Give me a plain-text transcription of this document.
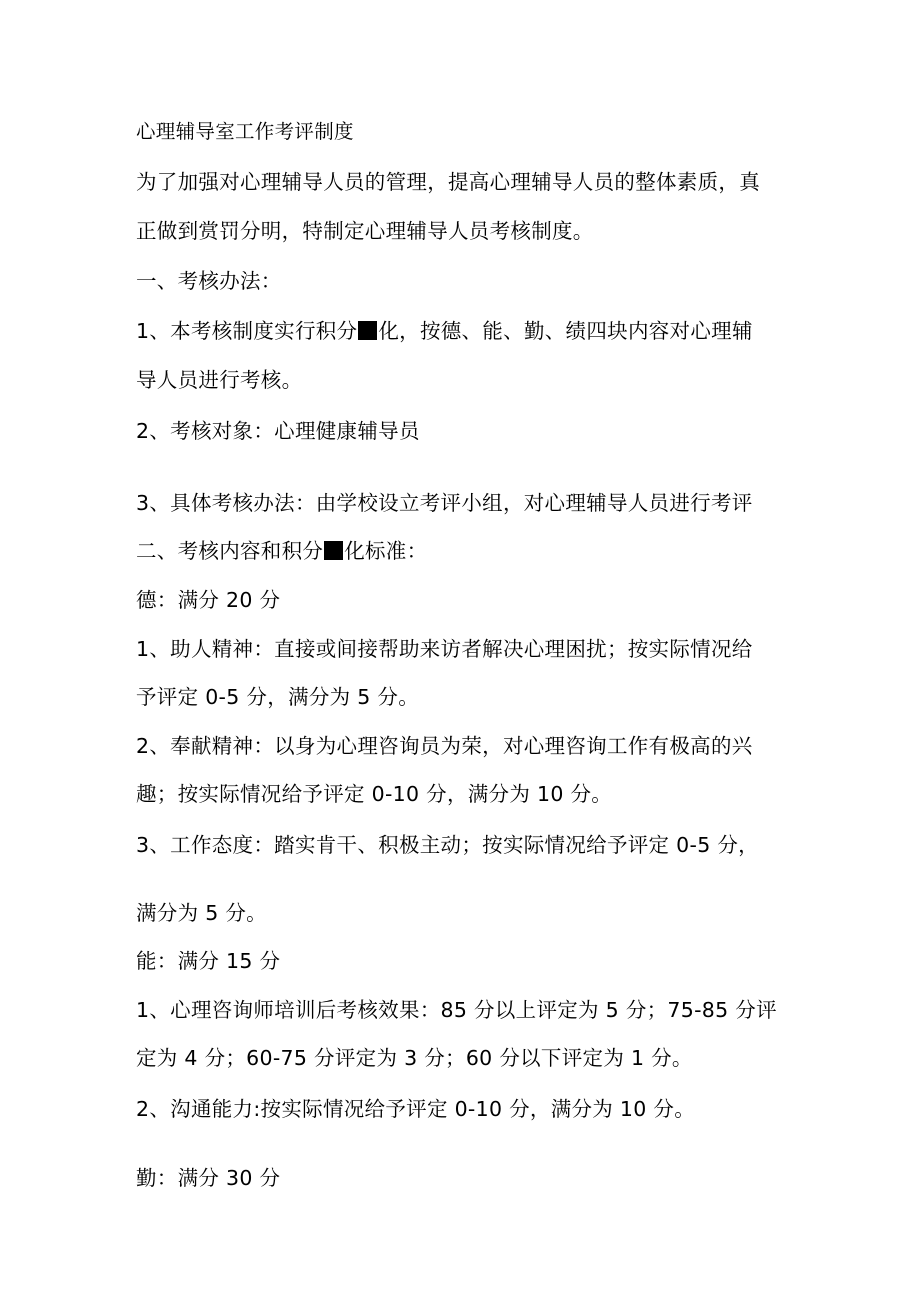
心理辅导室工作考评制度
为了加强对心理辅导人员的管理，提高心理辅导人员的整体素质，真
正做到赏罚分明，特制定心理辅导人员考核制度。
一、考核办法：
1、本考核制度实行积分 化，按德、能、勤、绩四块内容对心理辅
导人员进行考核。
2、考核对象：心理健康辅导员
3、具体考核办法：由学校设立考评小组，对心理辅导人员进行考评
二、考核内容和积分 化标准：
德：满分 20 分
1、助人精神：直接或间接帮助来访者解决心理困扰；按实际情况给
予评定 0-5 分，满分为 5 分。
2、奉献精神：以身为心理咨询员为荣，对心理咨询工作有极高的兴
趣；按实际情况给予评定 0-10 分，满分为 10 分。
3、工作态度：踏实肯干、积极主动；按实际情况给予评定 0-5 分，
满分为 5 分。
能：满分 15 分
1、心理咨询师培训后考核效果：85 分以上评定为 5 分；75-85 分评
定为 4 分；60-75 分评定为 3 分；60 分以下评定为 1 分。
2、沟通能力:按实际情况给予评定 0-10 分，满分为 10 分。
勤：满分 30 分
